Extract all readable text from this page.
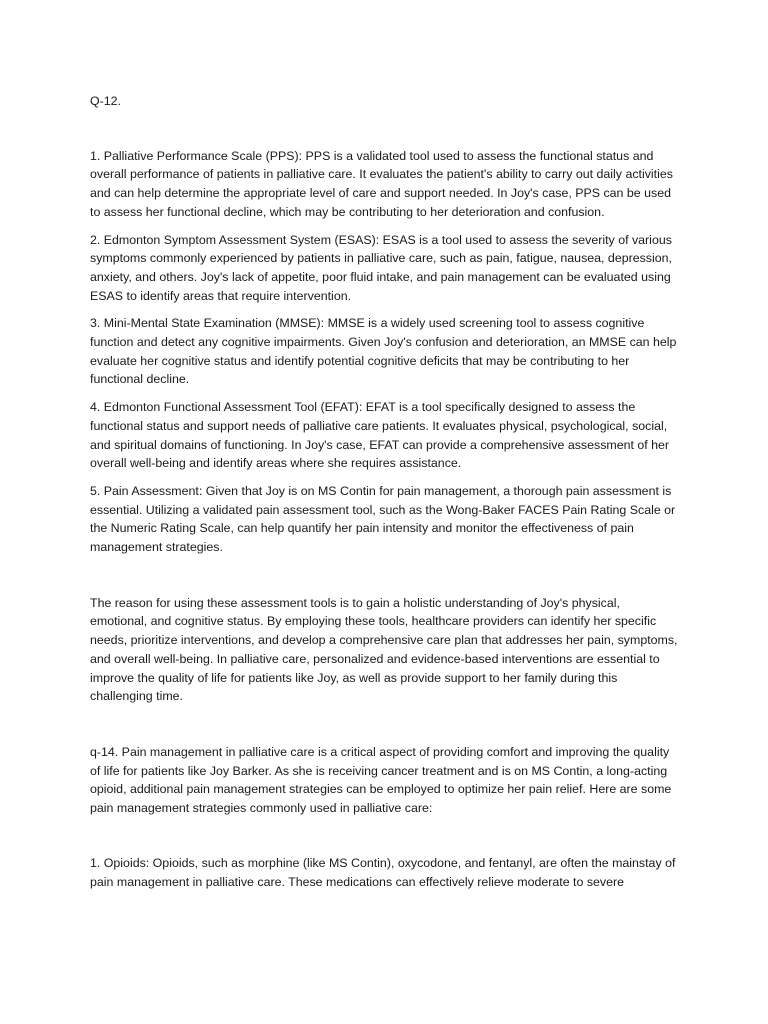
Q-12.

1. Palliative Performance Scale (PPS): PPS is a validated tool used to assess the functional status and overall performance of patients in palliative care. It evaluates the patient's ability to carry out daily activities and can help determine the appropriate level of care and support needed. In Joy's case, PPS can be used to assess her functional decline, which may be contributing to her deterioration and confusion.

2. Edmonton Symptom Assessment System (ESAS): ESAS is a tool used to assess the severity of various symptoms commonly experienced by patients in palliative care, such as pain, fatigue, nausea, depression, anxiety, and others. Joy's lack of appetite, poor fluid intake, and pain management can be evaluated using ESAS to identify areas that require intervention.

3. Mini-Mental State Examination (MMSE): MMSE is a widely used screening tool to assess cognitive function and detect any cognitive impairments. Given Joy's confusion and deterioration, an MMSE can help evaluate her cognitive status and identify potential cognitive deficits that may be contributing to her functional decline.

4. Edmonton Functional Assessment Tool (EFAT): EFAT is a tool specifically designed to assess the functional status and support needs of palliative care patients. It evaluates physical, psychological, social, and spiritual domains of functioning. In Joy's case, EFAT can provide a comprehensive assessment of her overall well-being and identify areas where she requires assistance.

5. Pain Assessment: Given that Joy is on MS Contin for pain management, a thorough pain assessment is essential. Utilizing a validated pain assessment tool, such as the Wong-Baker FACES Pain Rating Scale or the Numeric Rating Scale, can help quantify her pain intensity and monitor the effectiveness of pain management strategies.

The reason for using these assessment tools is to gain a holistic understanding of Joy's physical, emotional, and cognitive status. By employing these tools, healthcare providers can identify her specific needs, prioritize interventions, and develop a comprehensive care plan that addresses her pain, symptoms, and overall well-being. In palliative care, personalized and evidence-based interventions are essential to improve the quality of life for patients like Joy, as well as provide support to her family during this challenging time.

q-14. Pain management in palliative care is a critical aspect of providing comfort and improving the quality of life for patients like Joy Barker. As she is receiving cancer treatment and is on MS Contin, a long-acting opioid, additional pain management strategies can be employed to optimize her pain relief. Here are some pain management strategies commonly used in palliative care:

1. Opioids: Opioids, such as morphine (like MS Contin), oxycodone, and fentanyl, are often the mainstay of pain management in palliative care. These medications can effectively relieve moderate to severe
